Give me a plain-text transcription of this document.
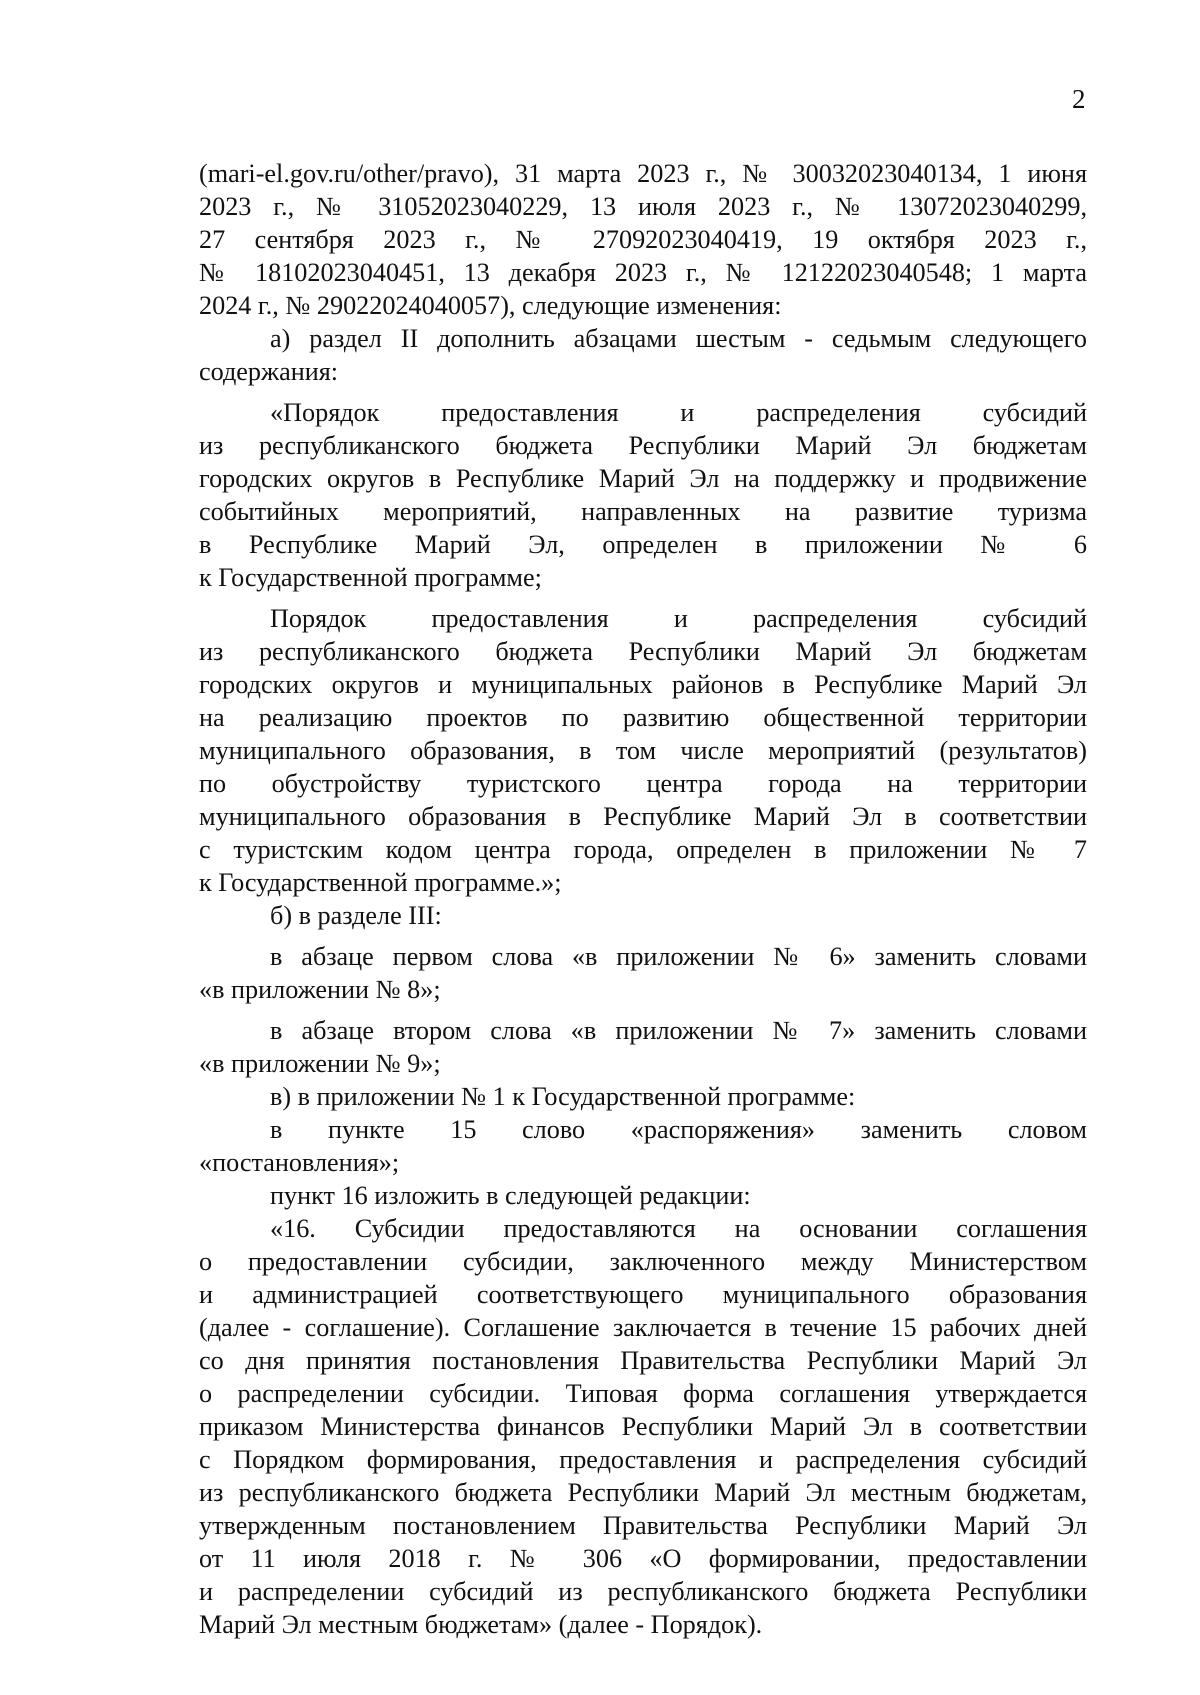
2

(mari-el.gov.ru/other/pravo), 31 марта 2023 г., № 30032023040134, 1 июня

2023 г., № 31052023040229, 13 июля 2023 г., № 13072023040299,

27 сентября 2023 г., № 27092023040419, 19 октября 2023 г.,

№ 18102023040451, 13 декабря 2023 г., № 12122023040548; 1 марта

2024 г., № 29022024040057), следующие изменения:

а) раздел II дополнить абзацами шестым - седьмым следующего

содержания:

«Порядок предоставления и распределения субсидий

из республиканского бюджета Республики Марий Эл бюджетам

городских округов в Республике Марий Эл на поддержку и продвижение

событийных мероприятий, направленных на развитие туризма

в Республике Марий Эл, определен в приложении № 6

к Государственной программе;

Порядок предоставления и распределения субсидий

из республиканского бюджета Республики Марий Эл бюджетам

городских округов и муниципальных районов в Республике Марий Эл

на реализацию проектов по развитию общественной территории

муниципального образования, в том числе мероприятий (результатов)

по обустройству туристского центра города на территории

муниципального образования в Республике Марий Эл в соответствии

с туристским кодом центра города, определен в приложении № 7

к Государственной программе.»;

б) в разделе III:

в абзаце первом слова «в приложении № 6» заменить словами

«в приложении № 8»;

в абзаце втором слова «в приложении № 7» заменить словами

«в приложении № 9»;

в) в приложении № 1 к Государственной программе:

в пункте 15 слово «распоряжения» заменить словом

«постановления»;

пункт 16 изложить в следующей редакции:

«16. Субсидии предоставляются на основании соглашения

о предоставлении субсидии, заключенного между Министерством

и администрацией соответствующего муниципального образования

(далее - соглашение). Соглашение заключается в течение 15 рабочих дней

со дня принятия постановления Правительства Республики Марий Эл

о распределении субсидии. Типовая форма соглашения утверждается

приказом Министерства финансов Республики Марий Эл в соответствии

с Порядком формирования, предоставления и распределения субсидий

из республиканского бюджета Республики Марий Эл местным бюджетам,

утвержденным постановлением Правительства Республики Марий Эл

от 11 июля 2018 г. № 306 «О формировании, предоставлении

и распределении субсидий из республиканского бюджета Республики

Марий Эл местным бюджетам» (далее - Порядок).
